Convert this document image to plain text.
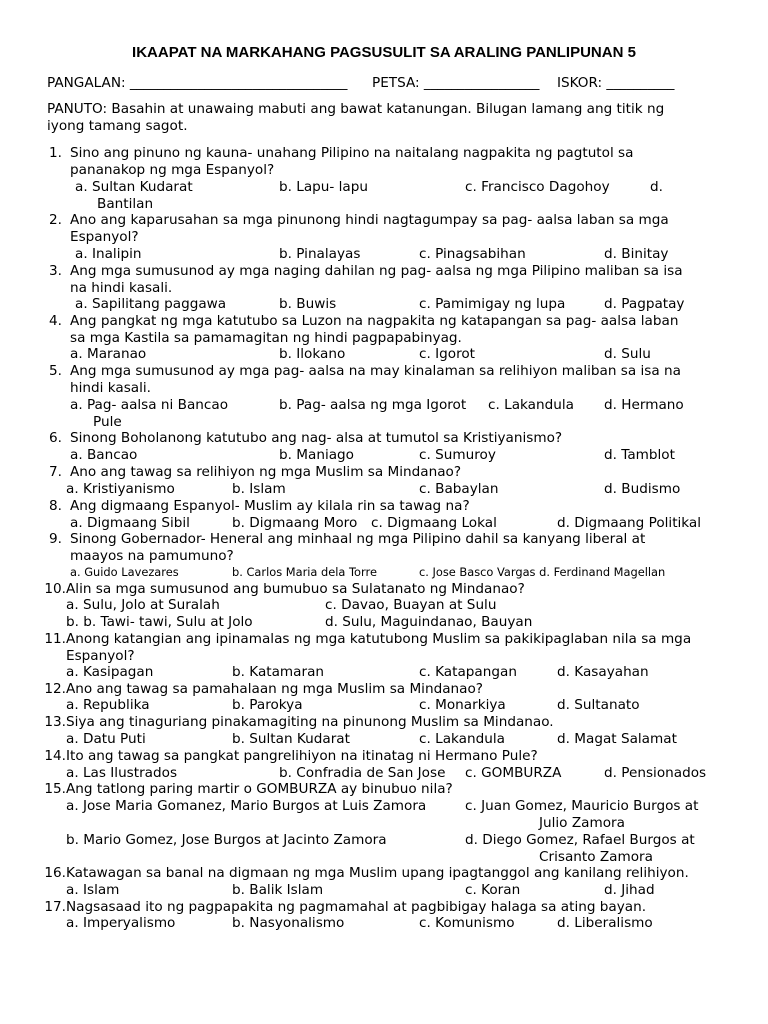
IKAAPAT NA MARKAHANG PAGSUSULIT SA ARALING PANLIPUNAN 5
PANGALAN: ________________________________ PETSA: _________________ ISKOR: __________
PANUTO: Basahin at unawaing mabuti ang bawat katanungan. Bilugan lamang ang titik ng
iyong tamang sagot.
1. Sino ang pinuno ng kauna- unahang Pilipino na naitalang nagpakita ng pagtutol sa
pananakop ng mga Espanyol?
a. Sultan Kudarat	b. Lapu- lapu	c. Francisco Dagohoy	d.
Bantilan
2. Ano ang kaparusahan sa mga pinunong hindi nagtagumpay sa pag- aalsa laban sa mga
Espanyol?
a. Inalipin	b. Pinalayas	c. Pinagsabihan	d. Binitay
3. Ang mga sumusunod ay mga naging dahilan ng pag- aalsa ng mga Pilipino maliban sa isa
na hindi kasali.
a. Sapilitang paggawa	b. Buwis	c. Pamimigay ng lupa	d. Pagpatay
4. Ang pangkat ng mga katutubo sa Luzon na nagpakita ng katapangan sa pag- aalsa laban
sa mga Kastila sa pamamagitan ng hindi pagpapabinyag.
a. Maranao	b. Ilokano	c. Igorot	d. Sulu
5. Ang mga sumusunod ay mga pag- aalsa na may kinalaman sa relihiyon maliban sa isa na
hindi kasali.
a. Pag- aalsa ni Bancao	b. Pag- aalsa ng mga Igorot c. Lakandula d. Hermano
Pule
6. Sinong Boholanong katutubo ang nag- alsa at tumutol sa Kristiyanismo?
a. Bancao	b. Maniago	c. Sumuroy	d. Tamblot
7. Ano ang tawag sa relihiyon ng mga Muslim sa Mindanao?
a. Kristiyanismo	b. Islam	c. Babaylan	d. Budismo
8. Ang digmaang Espanyol- Muslim ay kilala rin sa tawag na?
a. Digmaang Sibil	b. Digmaang Moro c. Digmaang Lokal	d. Digmaang Politikal
9. Sinong Gobernador- Heneral ang minhaal ng mga Pilipino dahil sa kanyang liberal at
maayos na pamumuno?
a. Guido Lavezares	b. Carlos Maria dela Torre	c. Jose Basco Vargas d. Ferdinand Magellan
10. Alin sa mga sumusunod ang bumubuo sa Sulatanato ng Mindanao?
a. Sulu, Jolo at Suralah	c. Davao, Buayan at Sulu
b. b. Tawi- tawi, Sulu at Jolo	d. Sulu, Maguindanao, Bauyan
11. Anong katangian ang ipinamalas ng mga katutubong Muslim sa pakikipaglaban nila sa mga
Espanyol?
a. Kasipagan	b. Katamaran	c. Katapangan	d. Kasayahan
12. Ano ang tawag sa pamahalaan ng mga Muslim sa Mindanao?
a. Republika	b. Parokya	c. Monarkiya	d. Sultanato
13. Siya ang tinaguriang pinakamagiting na pinunong Muslim sa Mindanao.
a. Datu Puti	b. Sultan Kudarat	c. Lakandula	d. Magat Salamat
14. Ito ang tawag sa pangkat pangrelihiyon na itinatag ni Hermano Pule?
a. Las Ilustrados	b. Confradia de San Jose c. GOMBURZA	d. Pensionados
15. Ang tatlong paring martir o GOMBURZA ay binubuo nila?
a. Jose Maria Gomanez, Mario Burgos at Luis Zamora	c. Juan Gomez, Mauricio Burgos at
Julio Zamora
b. Mario Gomez, Jose Burgos at Jacinto Zamora	d. Diego Gomez, Rafael Burgos at
Crisanto Zamora
16. Katawagan sa banal na digmaan ng mga Muslim upang ipagtanggol ang kanilang relihiyon.
a. Islam	b. Balik Islam	c. Koran	d. Jihad
17. Nagsasaad ito ng pagpapakita ng pagmamahal at pagbibigay halaga sa ating bayan.
a. Imperyalismo	b. Nasyonalismo	c. Komunismo	d. Liberalismo
